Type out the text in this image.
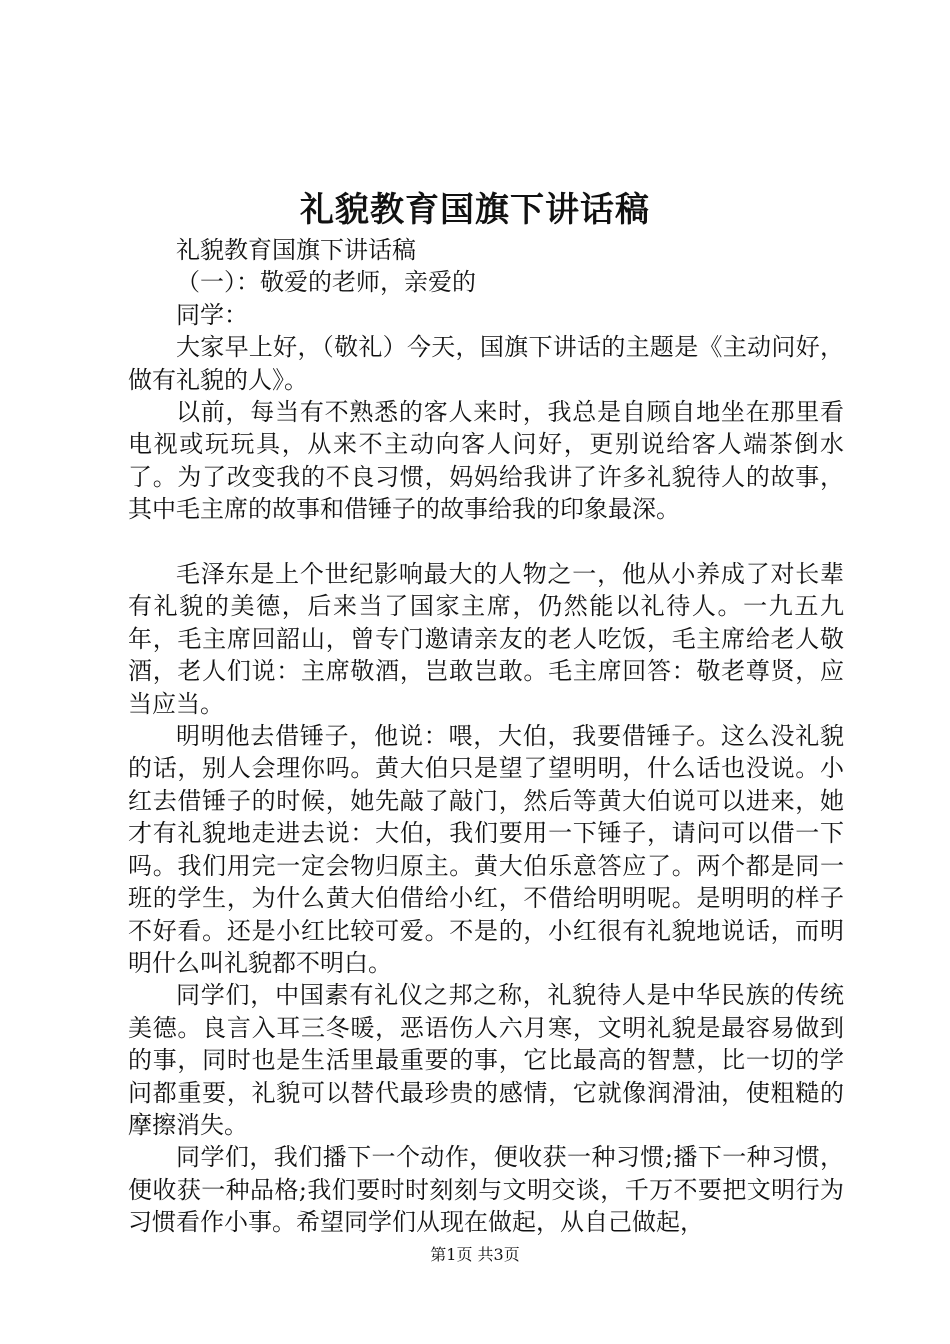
礼貌教育国旗下讲话稿

礼貌教育国旗下讲话稿

（一）：敬爱的老师，亲爱的

同学：

大家早上好，（敬礼）今天，国旗下讲话的主题是《主动问好，做有礼貌的人》。

以前，每当有不熟悉的客人来时，我总是自顾自地坐在那里看电视或玩玩具，从来不主动向客人问好，更别说给客人端茶倒水了。为了改变我的不良习惯，妈妈给我讲了许多礼貌待人的故事，其中毛主席的故事和借锤子的故事给我的印象最深。

毛泽东是上个世纪影响最大的人物之一，他从小养成了对长辈有礼貌的美德，后来当了国家主席，仍然能以礼待人。一九五九年，毛主席回韶山，曾专门邀请亲友的老人吃饭，毛主席给老人敬酒，老人们说：主席敬酒，岂敢岂敢。毛主席回答：敬老尊贤，应当应当。

明明他去借锤子，他说：喂，大伯，我要借锤子。这么没礼貌的话，别人会理你吗。黄大伯只是望了望明明，什么话也没说。小红去借锤子的时候，她先敲了敲门，然后等黄大伯说可以进来，她才有礼貌地走进去说：大伯，我们要用一下锤子，请问可以借一下吗。我们用完一定会物归原主。黄大伯乐意答应了。两个都是同一班的学生，为什么黄大伯借给小红，不借给明明呢。是明明的样子不好看。还是小红比较可爱。不是的，小红很有礼貌地说话，而明明什么叫礼貌都不明白。

同学们，中国素有礼仪之邦之称，礼貌待人是中华民族的传统美德。良言入耳三冬暖，恶语伤人六月寒，文明礼貌是最容易做到的事，同时也是生活里最重要的事，它比最高的智慧，比一切的学问都重要，礼貌可以替代最珍贵的感情，它就像润滑油，使粗糙的摩擦消失。

同学们，我们播下一个动作，便收获一种习惯;播下一种习惯，便收获一种品格;我们要时时刻刻与文明交谈，千万不要把文明行为习惯看作小事。希望同学们从现在做起，从自己做起，

第1页 共3页
